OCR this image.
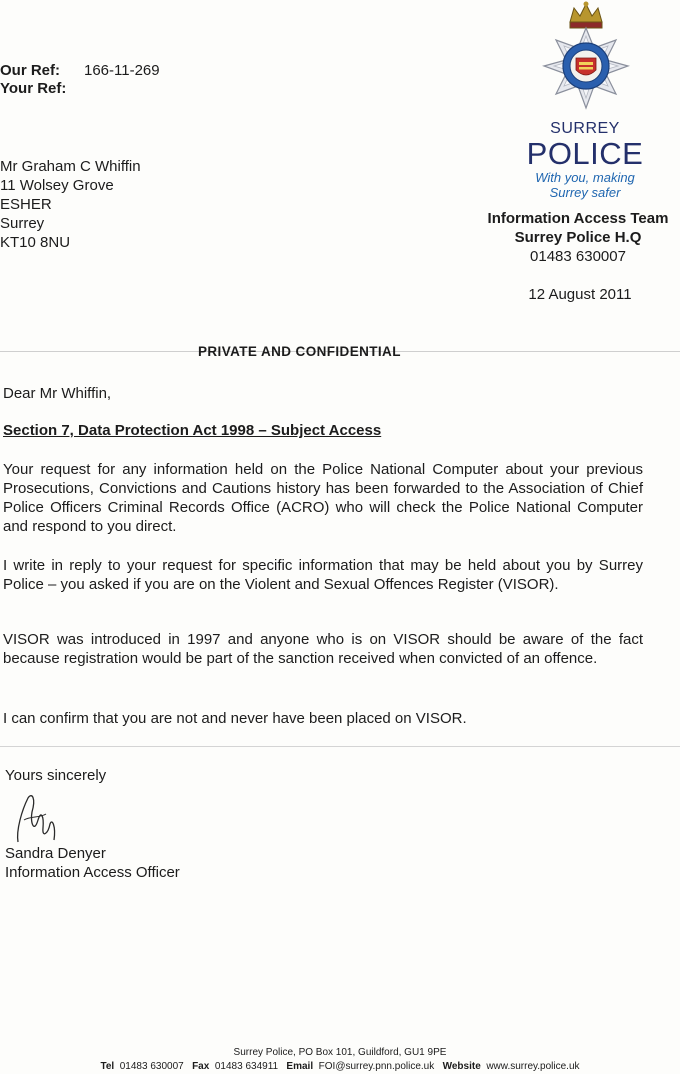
Our Ref: 166-11-269
Your Ref:
Mr Graham C Whiffin
11 Wolsey Grove
ESHER
Surrey
KT10 8NU
SURREY
POLICE
With you, making
Surrey safer
Information Access Team
Surrey Police H.Q
01483 630007
12 August 2011
PRIVATE AND CONFIDENTIAL
Dear Mr Whiffin,
Section 7, Data Protection Act 1998 – Subject Access
Your request for any information held on the Police National Computer about your previous Prosecutions, Convictions and Cautions history has been forwarded to the Association of Chief Police Officers Criminal Records Office (ACRO) who will check the Police National Computer and respond to you direct.
I write in reply to your request for specific information that may be held about you by Surrey Police – you asked if you are on the Violent and Sexual Offences Register (VISOR).
VISOR was introduced in 1997 and anyone who is on VISOR should be aware of the fact because registration would be part of the sanction received when convicted of an offence.
I can confirm that you are not and never have been placed on VISOR.
Yours sincerely
Sandra Denyer
Information Access Officer
Surrey Police, PO Box 101, Guildford, GU1 9PE
Tel 01483 630007 Fax 01483 634911 Email FOI@surrey.pnn.police.uk Website www.surrey.police.uk
